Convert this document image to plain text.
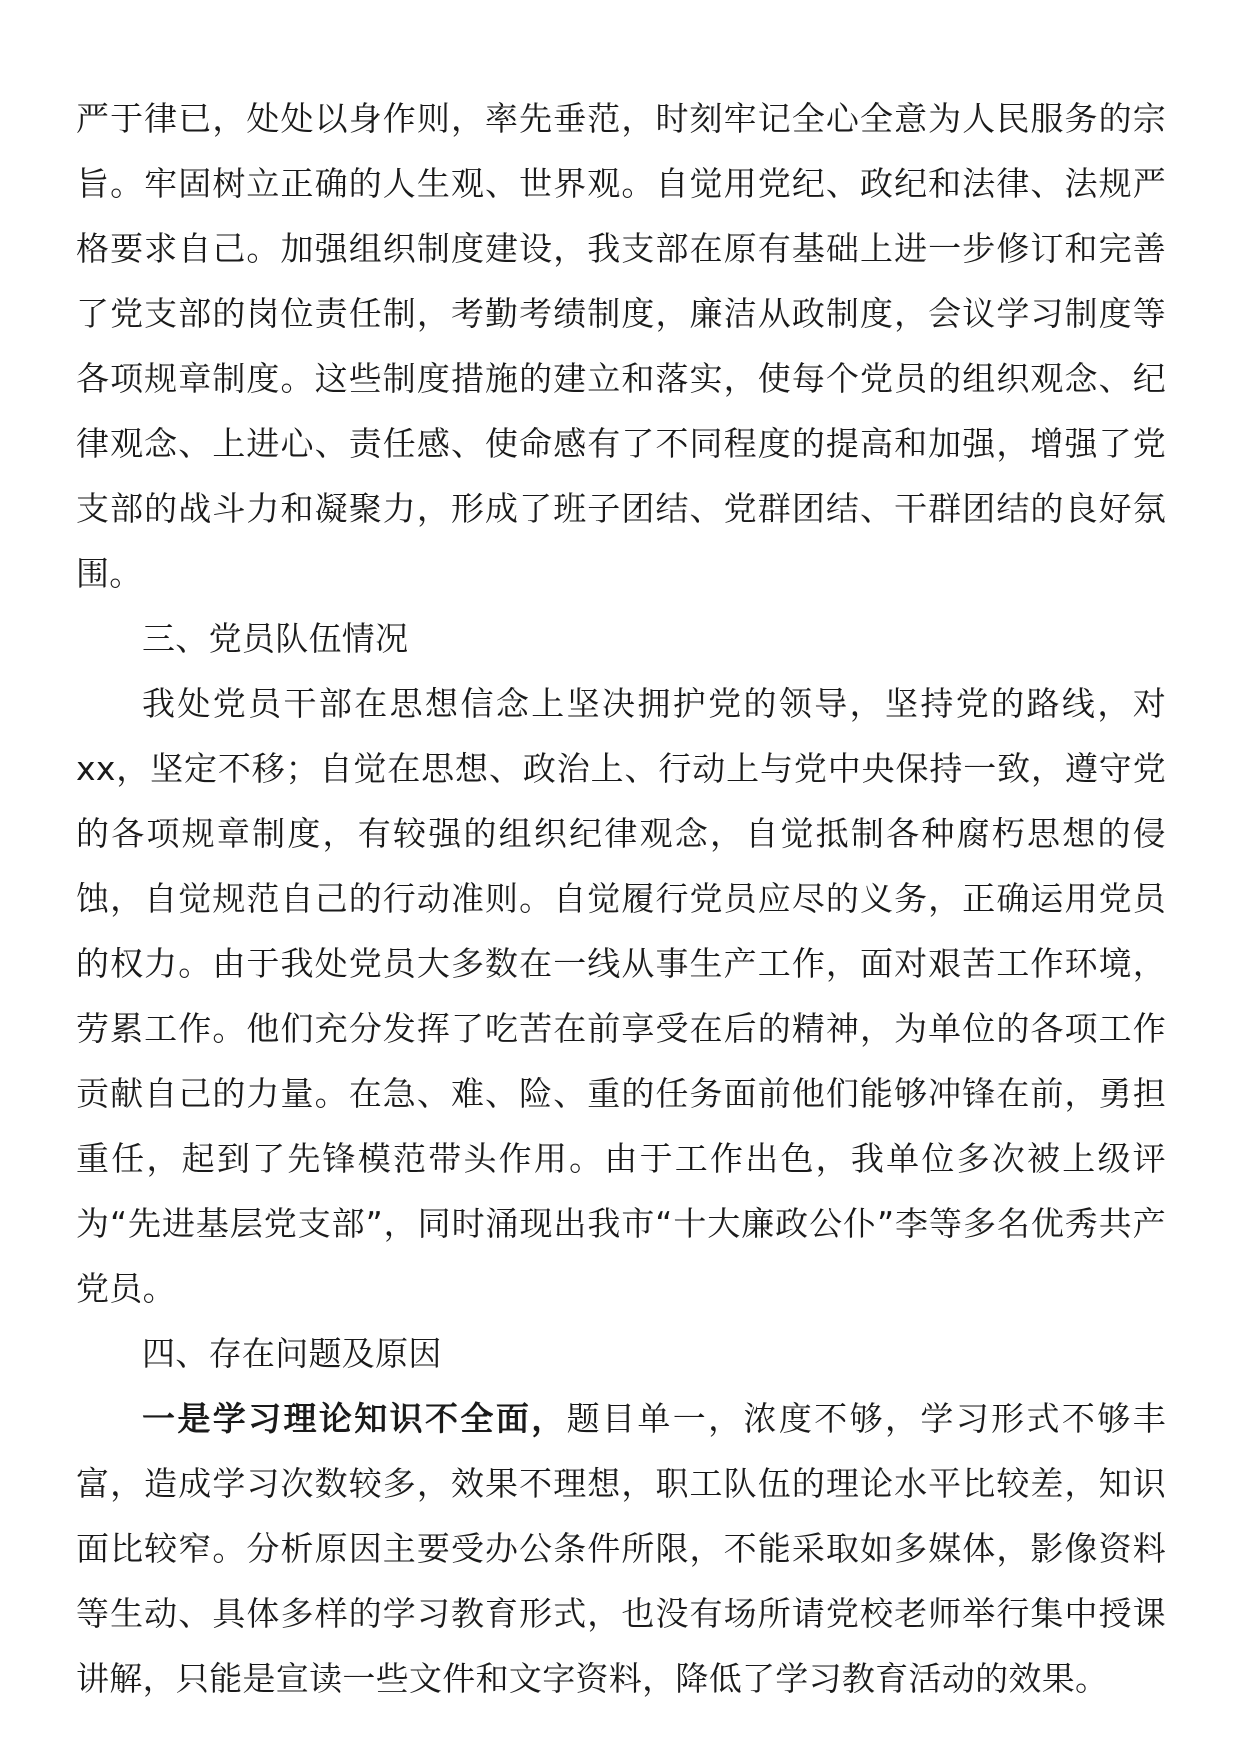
严于律已，处处以身作则，率先垂范，时刻牢记全心全意为人民服务的宗旨。牢固树立正确的人生观、世界观。自觉用党纪、政纪和法律、法规严格要求自己。加强组织制度建设，我支部在原有基础上进一步修订和完善了党支部的岗位责任制，考勤考绩制度，廉洁从政制度，会议学习制度等各项规章制度。这些制度措施的建立和落实，使每个党员的组织观念、纪律观念、上进心、责任感、使命感有了不同程度的提高和加强，增强了党支部的战斗力和凝聚力，形成了班子团结、党群团结、干群团结的良好氛围。

三、党员队伍情况

我处党员干部在思想信念上坚决拥护党的领导，坚持党的路线，对xx，坚定不移；自觉在思想、政治上、行动上与党中央保持一致，遵守党的各项规章制度，有较强的组织纪律观念，自觉抵制各种腐朽思想的侵蚀，自觉规范自己的行动准则。自觉履行党员应尽的义务，正确运用党员的权力。由于我处党员大多数在一线从事生产工作，面对艰苦工作环境，劳累工作。他们充分发挥了吃苦在前享受在后的精神，为单位的各项工作贡献自己的力量。在急、难、险、重的任务面前他们能够冲锋在前，勇担重任，起到了先锋模范带头作用。由于工作出色，我单位多次被上级评为“先进基层党支部”，同时涌现出我市“十大廉政公仆”李等多名优秀共产党员。

四、存在问题及原因

一是学习理论知识不全面，题目单一，浓度不够，学习形式不够丰富，造成学习次数较多，效果不理想，职工队伍的理论水平比较差，知识面比较窄。分析原因主要受办公条件所限，不能采取如多媒体，影像资料等生动、具体多样的学习教育形式，也没有场所请党校老师举行集中授课讲解，只能是宣读一些文件和文字资料，降低了学习教育活动的效果。
